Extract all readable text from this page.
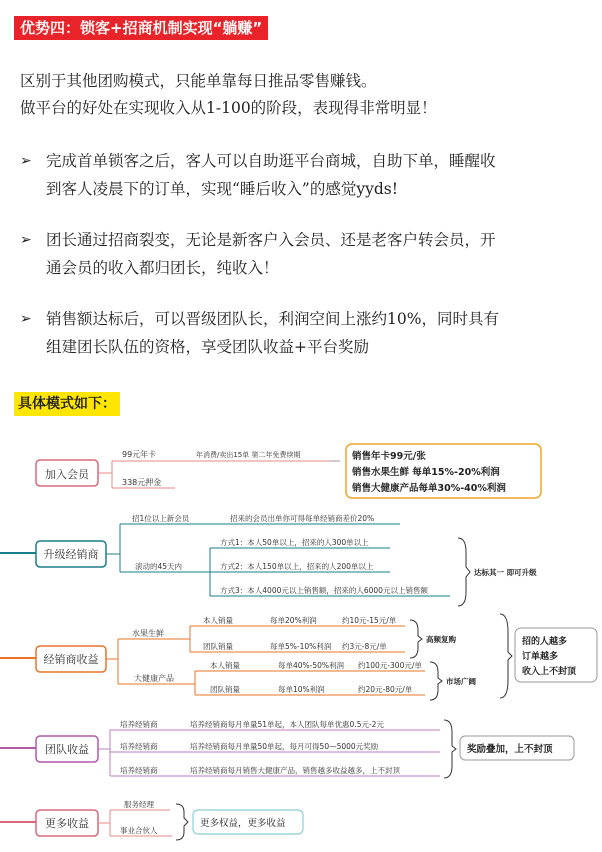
优势四：锁客+招商机制实现“躺赚”
区别于其他团购模式，只能单靠每日推品零售赚钱。
做平台的好处在实现收入从1-100的阶段，表现得非常明显！
➢ 完成首单锁客之后，客人可以自助逛平台商城，自助下单，睡醒收
到客人凌晨下的订单，实现“睡后收入”的感觉yyds!
➢ 团长通过招商裂变，无论是新客户入会员、还是老客户转会员，开
通会员的收入都归团长，纯收入！
➢ 销售额达标后，可以晋级团队长，利润空间上涨约10%，同时具有
组建团长队伍的资格，享受团队收益+平台奖励
具体模式如下：
加入会员
99元年卡
338元押金
年消费/卖出15单 第二年免费续期	销售年卡99元/张
销售水果生鲜 每单15%-20%利润
销售大健康产品每单30%-40%利润
升级经销商
招1位以上新会员	招来的会员出单你可得每单经销商差价20%
滚动的45天内
方式1：本人50单以上，招来的人300单以上
方式2：本人150单以上，招来的人200单以上
方式3：本人4000元以上销售额，招来的人6000元以上销售额
达标其一 即可升级
经销商收益
水果生鲜
大健康产品
本人销量	每单20%利润	约10元-15元/单
团队销量	每单5%-10%利润 约3元-8元/单
高频复购
本人销量	每单40%-50%利润 约100元-300元/单
团队销量	每单10%利润	约20元-80元/单
市场广阔
招的人越多
订单越多
收入上不封顶
团队收益
培养经销商	培养经销商每月单量51单起，本人团队每单优惠0.5元-2元
培养经销商	培养经销商每月单量50单起，每月可得50—5000元奖励
培养经销商	培养经销商每月销售大健康产品，销售越多收益越多，上不封顶
奖励叠加，上不封顶
更多收益
服务经理
事业合伙人
更多权益，更多收益
